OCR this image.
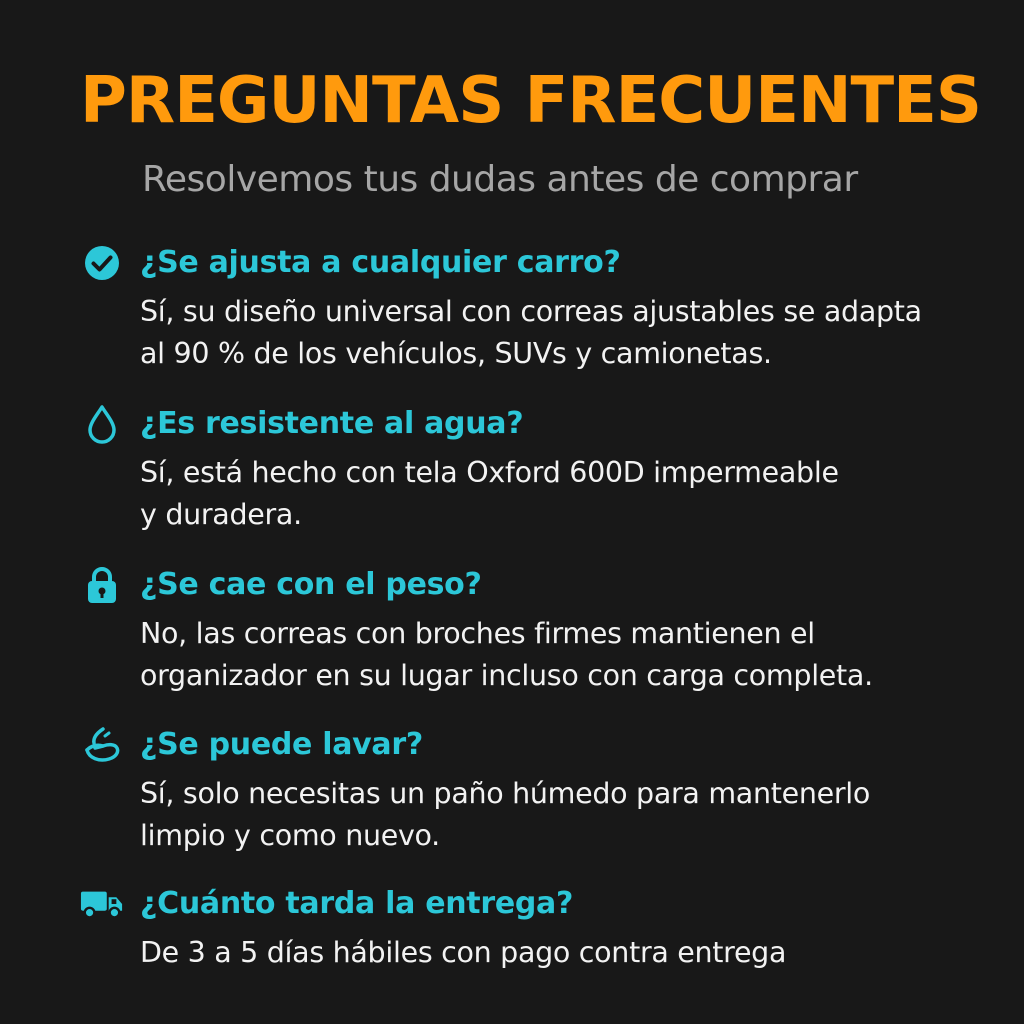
PREGUNTAS FRECUENTES
Resolvemos tus dudas antes de comprar
¿Se ajusta a cualquier carro?
Sí, su diseño universal con correas ajustables se adapta
al 90 % de los vehículos, SUVs y camionetas.
¿Es resistente al agua?
Sí, está hecho con tela Oxford 600D impermeable
y duradera.
¿Se cae con el peso?
No, las correas con broches firmes mantienen el
organizador en su lugar incluso con carga completa.
¿Se puede lavar?
Sí, solo necesitas un paño húmedo para mantenerlo
limpio y como nuevo.
¿Cuánto tarda la entrega?
De 3 a 5 días hábiles con pago contra entrega
